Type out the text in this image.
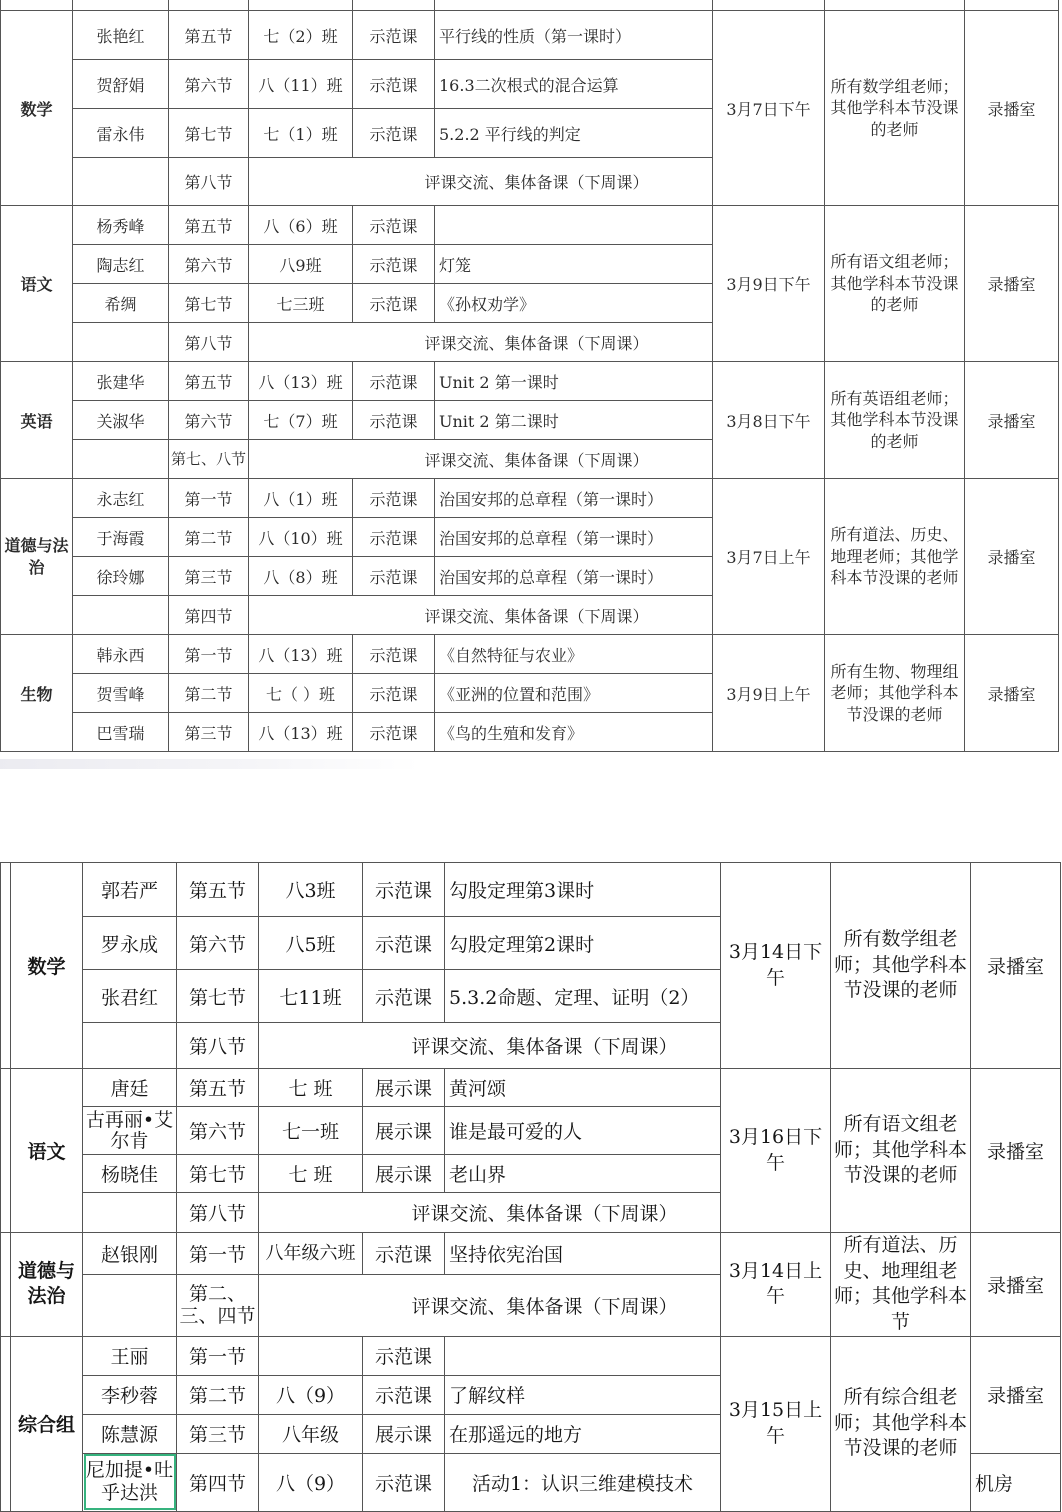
数学	张艳红	第五节	七（2）班	示范课	平行线的性质（第一课时）	3月7日下午	所有数学组老师；其他学科本节没课的老师	录播室
	贺舒娟	第六节	八（11）班	示范课	16.3二次根式的混合运算			
	雷永伟	第七节	七（1）班	示范课	5.2.2 平行线的判定			
		第八节	评课交流、集体备课（下周课）					
语文	杨秀峰	第五节	八（6）班	示范课		3月9日下午	所有语文组老师；其他学科本节没课的老师	录播室
	陶志红	第六节	八9班	示范课	灯笼			
	希绸	第七节	七三班	示范课	《孙权劝学》			
		第八节	评课交流、集体备课（下周课）					
英语	张建华	第五节	八（13）班	示范课	Unit 2 第一课时	3月8日下午	所有英语组老师；其他学科本节没课的老师	录播室
	关淑华	第六节	七（7）班	示范课	Unit 2 第二课时			
		第七、八节	评课交流、集体备课（下周课）					
道德与法治	永志红	第一节	八（1）班	示范课	治国安邦的总章程（第一课时）	3月7日上午	所有道法、历史、地理老师；其他学科本节没课的老师	录播室
	于海霞	第二节	八（10）班	示范课	治国安邦的总章程（第一课时）			
	徐玲娜	第三节	八（8）班	示范课	治国安邦的总章程（第一课时）			
		第四节	评课交流、集体备课（下周课）					
生物	韩永西	第一节	八（13）班	示范课	《自然特征与农业》	3月9日上午	所有生物、物理组老师；其他学科本节没课的老师	录播室
	贺雪峰	第二节	七（ ）班	示范课	《亚洲的位置和范围》			
	巴雪瑞	第三节	八（13）班	示范课	《鸟的生殖和发育》			
	数学	郭若严	第五节	八3班	示范课	勾股定理第3课时	3月14日下午	所有数学组老师；其他学科本节没课的老师	录播室
		罗永成	第六节	八5班	示范课	勾股定理第2课时			
		张君红	第七节	七11班	示范课	5.3.2命题、定理、证明（2）			
			第八节	评课交流、集体备课（下周课）					
	语文	唐廷	第五节	七 班	展示课	黄河颂	3月16日下午	所有语文组老师；其他学科本节没课的老师	录播室
		古再丽•艾尔肯	第六节	七一班	展示课	谁是最可爱的人			
		杨晓佳	第七节	七 班	展示课	老山界			
			第八节	评课交流、集体备课（下周课）					
	道德与法治	赵银刚	第一节	八年级六班	示范课	坚持依宪治国	3月14日上午	所有道法、历史、地理组老师；其他学科本节	录播室
			第二、三、四节	评课交流、集体备课（下周课）					
	综合组	王丽	第一节		示范课		3月15日上午	所有综合组老师；其他学科本节没课的老师	录播室
		李秒蓉	第二节	八（9）	示范课	了解纹样			
		陈慧源	第三节	八年级	展示课	在那遥远的地方			
		尼加提•吐乎达洪	第四节	八（9）	示范课	活动1：认识三维建模技术			机房
